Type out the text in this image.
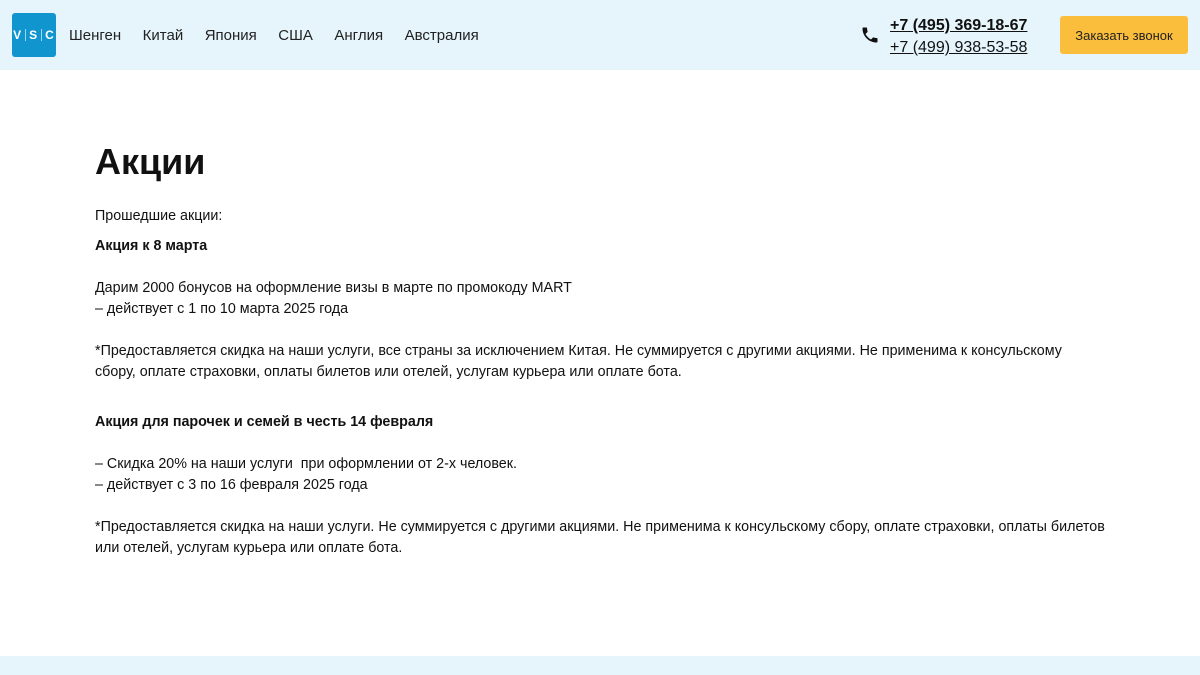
V S C Шенген Китай Япония США Англия Австралия
+7 (495) 369-18-67
+7 (499) 938-53-58
Заказать звонок
Акции

Прошедшие акции:

Акция к 8 марта

Дарим 2000 бонусов на оформление визы в марте по промокоду MART

– действует с 1 по 10 марта 2025 года

*Предоставляется скидка на наши услуги, все страны за исключением Китая. Не суммируется с другими акциями. Не применима к консульскому сбору, оплате страховки, оплаты билетов или отелей, услугам курьера или оплате бота.

Акция для парочек и семей в честь 14 февраля

– Скидка 20% на наши услуги  при оформлении от 2-х человек.

– действует с 3 по 16 февраля 2025 года

*Предоставляется скидка на наши услуги. Не суммируется с другими акциями. Не применима к консульскому сбору, оплате страховки, оплаты билетов или отелей, услугам курьера или оплате бота.
